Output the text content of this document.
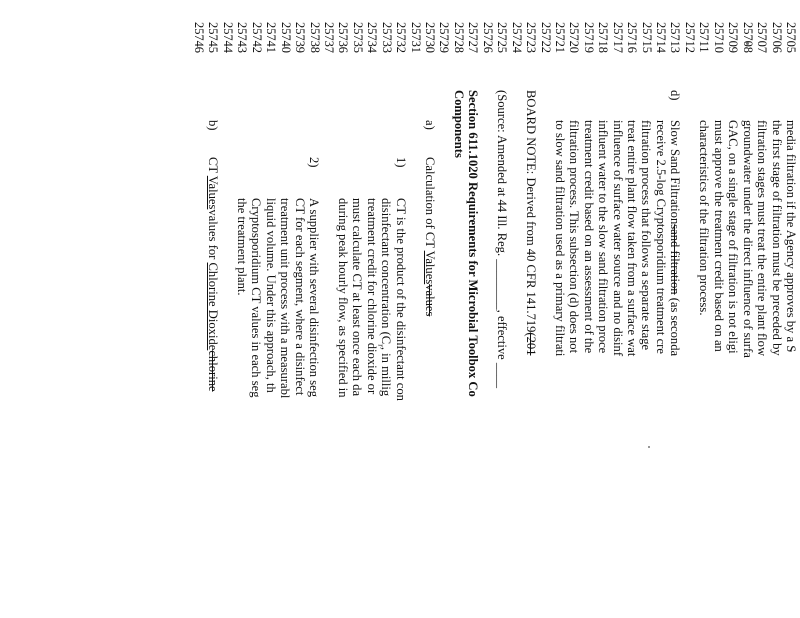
25705
25706
25707
25708
25709
25710
25711
25712
25713
25714
25715
25716
25717
25718
25719
25720
25721
25722
25723
25724
25725
25726
25727
25728
25729
25730
25731
25732
25733
25734
25735
25736
25737
25738
25739
25740
25741
25742
25743
25744
25745
25746
media filtration if the Agency approves by a S
the first stage of filtration must be preceded by
filtration stages must treat the entire plant flow
groundwater under the direct influence of surfa
GAC, on a single stage of filtration is not eligi
must approve the treatment credit based on an
characteristics of the filtration process.
d)
Slow Sand Filtrationsand filtration (as seconda
receive 2.5-log Cryptosporidium treatment cre
filtration process that follows a separate stage
treat entire plant flow taken from a surface wat
influence of surface water source and no disinf
influent water to the slow sand filtration proce
treatment credit based on an assessment of the
filtration process. This subsection (d) does not
to slow sand filtration used as a primary filtrati
BOARD NOTE: Derived from 40 CFR 141.719(201
(Source: Amended at 44 Ill. Reg. ________, effective ____
Section 611.1020 Requirements for Microbial Toolbox Co
Components
a)
Calculation of CT Valuesvalues
1)
CT is the product of the disinfectant con
disinfectant concentration ($C_r$, in millig
treatment credit for chlorine dioxide or
must calculate CT at least once each da
during peak hourly flow, as specified in
2)
A supplier with several disinfection seg
CT for each segment, where a disinfect
treatment unit process with a measurabl
liquid volume. Under this approach, th
Cryptosporidium CT values in each seg
the treatment plant.
b)
CT Valuesvalues for Chlorine Dioxidechlorine
